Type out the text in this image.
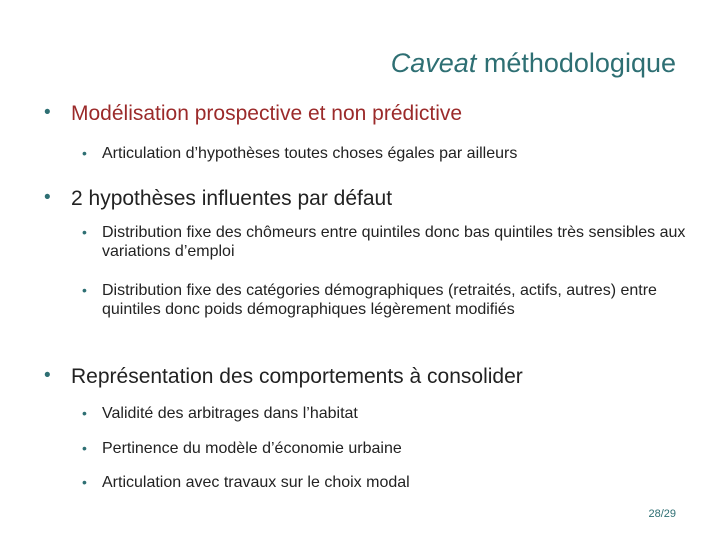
Caveat méthodologique
• Modélisation prospective et non prédictive
• Articulation d’hypothèses toutes choses égales par ailleurs
• 2 hypothèses influentes par défaut
• Distribution fixe des chômeurs entre quintiles donc bas quintiles très sensibles aux variations d’emploi
• Distribution fixe des catégories démographiques (retraités, actifs, autres) entre quintiles donc poids démographiques légèrement modifiés
• Représentation des comportements à consolider
• Validité des arbitrages dans l’habitat
• Pertinence du modèle d’économie urbaine
• Articulation avec travaux sur le choix modal
28/29
